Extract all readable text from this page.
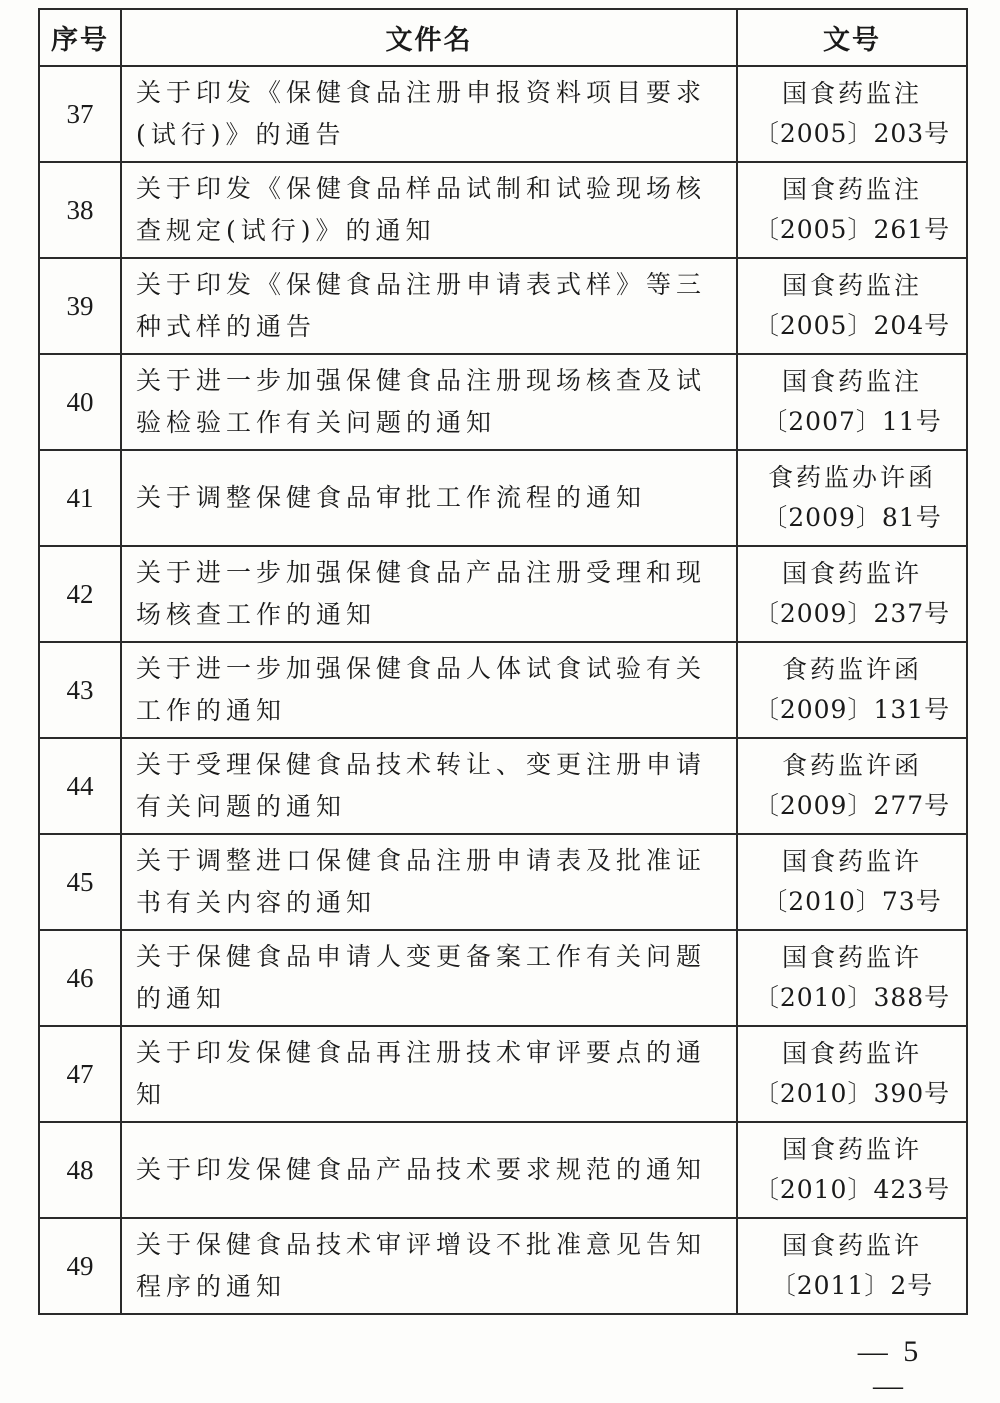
序号	文件名	文号
37	关于印发《保健食品注册申报资料项目要求(试行)》的通告	国食药监注
〔2005〕203号

38	关于印发《保健食品样品试制和试验现场核查规定(试行)》的通知	国食药监注
〔2005〕261号

39	关于印发《保健食品注册申请表式样》等三种式样的通告	国食药监注
〔2005〕204号

40	关于进一步加强保健食品注册现场核查及试验检验工作有关问题的通知	国食药监注
〔2007〕11号

41	关于调整保健食品审批工作流程的通知	食药监办许函
〔2009〕81号

42	关于进一步加强保健食品产品注册受理和现场核查工作的通知	国食药监许
〔2009〕237号

43	关于进一步加强保健食品人体试食试验有关工作的通知	食药监许函
〔2009〕131号

44	关于受理保健食品技术转让、变更注册申请有关问题的通知	食药监许函
〔2009〕277号

45	关于调整进口保健食品注册申请表及批准证书有关内容的通知	国食药监许
〔2010〕73号

46	关于保健食品申请人变更备案工作有关问题的通知	国食药监许
〔2010〕388号

47	关于印发保健食品再注册技术审评要点的通知	国食药监许
〔2010〕390号

48	关于印发保健食品产品技术要求规范的通知	国食药监许
〔2010〕423号

49	关于保健食品技术审评增设不批准意见告知程序的通知	国食药监许
〔2011〕2号
— 5 —
